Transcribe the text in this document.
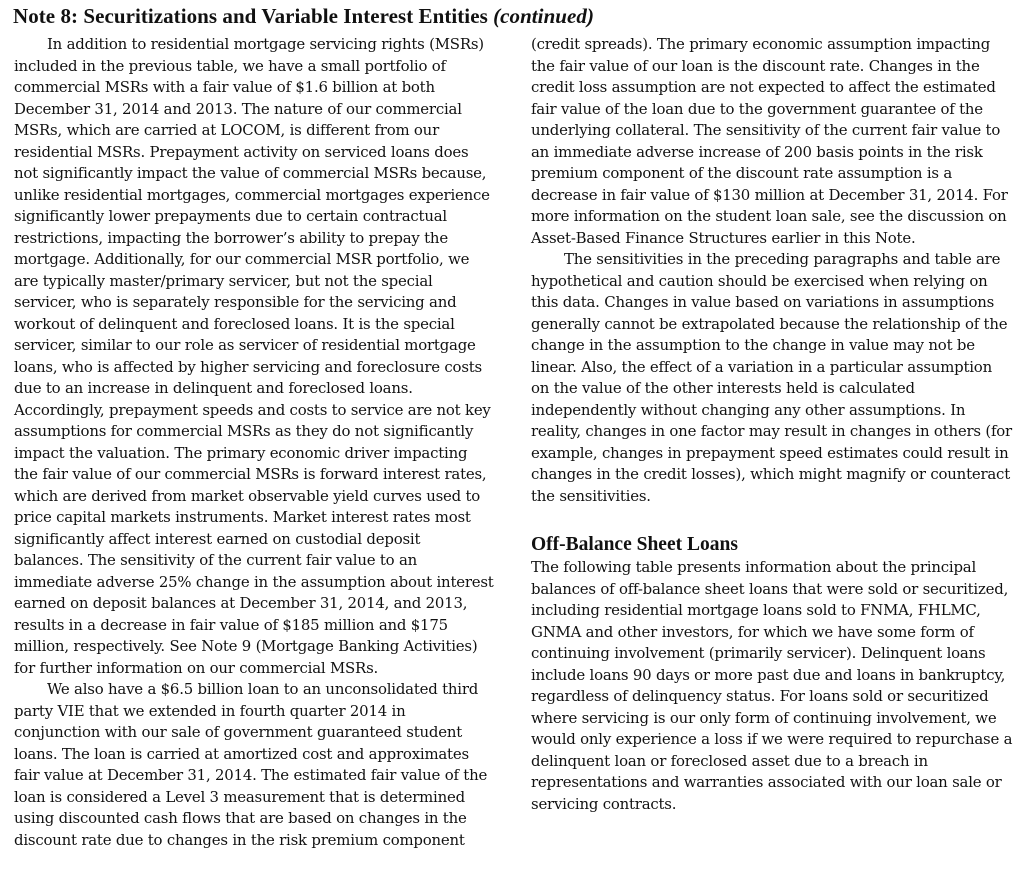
Note 8: Securitizations and Variable Interest Entities (continued)

In addition to residential mortgage servicing rights (MSRs) included in the previous table, we have a small portfolio of commercial MSRs with a fair value of $1.6 billion at both December 31, 2014 and 2013. The nature of our commercial MSRs, which are carried at LOCOM, is different from our residential MSRs. Prepayment activity on serviced loans does not significantly impact the value of commercial MSRs because, unlike residential mortgages, commercial mortgages experience significantly lower prepayments due to certain contractual restrictions, impacting the borrower’s ability to prepay the mortgage. Additionally, for our commercial MSR portfolio, we are typically master/primary servicer, but not the special servicer, who is separately responsible for the servicing and workout of delinquent and foreclosed loans. It is the special servicer, similar to our role as servicer of residential mortgage loans, who is affected by higher servicing and foreclosure costs due to an increase in delinquent and foreclosed loans. Accordingly, prepayment speeds and costs to service are not key assumptions for commercial MSRs as they do not significantly impact the valuation. The primary economic driver impacting the fair value of our commercial MSRs is forward interest rates, which are derived from market observable yield curves used to price capital markets instruments. Market interest rates most significantly affect interest earned on custodial deposit balances. The sensitivity of the current fair value to an immediate adverse 25% change in the assumption about interest earned on deposit balances at December 31, 2014, and 2013, results in a decrease in fair value of $185 million and $175 million, respectively. See Note 9 (Mortgage Banking Activities) for further information on our commercial MSRs.

We also have a $6.5 billion loan to an unconsolidated third party VIE that we extended in fourth quarter 2014 in conjunction with our sale of government guaranteed student loans. The loan is carried at amortized cost and approximates fair value at December 31, 2014. The estimated fair value of the loan is considered a Level 3 measurement that is determined using discounted cash flows that are based on changes in the discount rate due to changes in the risk premium component

(credit spreads). The primary economic assumption impacting the fair value of our loan is the discount rate. Changes in the credit loss assumption are not expected to affect the estimated fair value of the loan due to the government guarantee of the underlying collateral. The sensitivity of the current fair value to an immediate adverse increase of 200 basis points in the risk premium component of the discount rate assumption is a decrease in fair value of $130 million at December 31, 2014. For more information on the student loan sale, see the discussion on Asset-Based Finance Structures earlier in this Note.

The sensitivities in the preceding paragraphs and table are hypothetical and caution should be exercised when relying on this data. Changes in value based on variations in assumptions generally cannot be extrapolated because the relationship of the change in the assumption to the change in value may not be linear. Also, the effect of a variation in a particular assumption on the value of the other interests held is calculated independently without changing any other assumptions. In reality, changes in one factor may result in changes in others (for example, changes in prepayment speed estimates could result in changes in the credit losses), which might magnify or counteract the sensitivities.

Off-Balance Sheet Loans

The following table presents information about the principal balances of off-balance sheet loans that were sold or securitized, including residential mortgage loans sold to FNMA, FHLMC, GNMA and other investors, for which we have some form of continuing involvement (primarily servicer). Delinquent loans include loans 90 days or more past due and loans in bankruptcy, regardless of delinquency status. For loans sold or securitized where servicing is our only form of continuing involvement, we would only experience a loss if we were required to repurchase a delinquent loan or foreclosed asset due to a breach in representations and warranties associated with our loan sale or servicing contracts.
